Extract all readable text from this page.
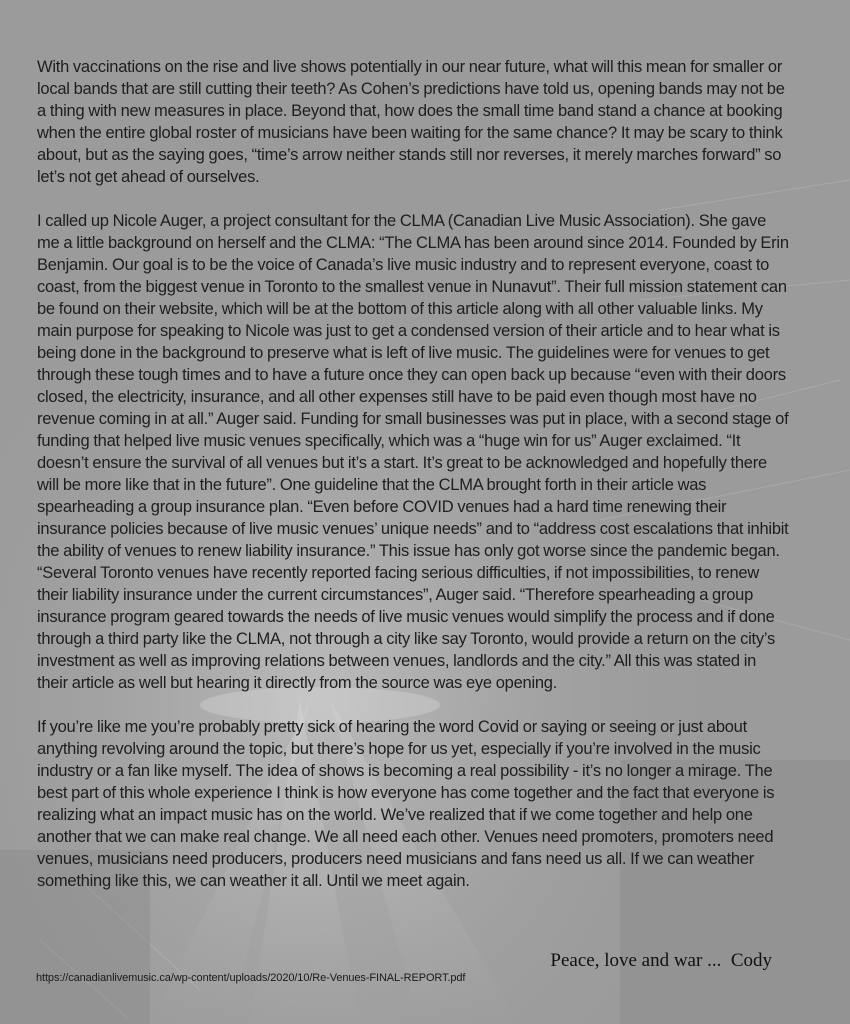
With vaccinations on the rise and live shows potentially in our near future, what will this mean for smaller or local bands that are still cutting their teeth? As Cohen’s predictions have told us, opening bands may not be a thing with new measures in place. Beyond that, how does the small time band stand a chance at booking when the entire global roster of musicians have been waiting for the same chance? It may be scary to think about, but as the saying goes, “time’s arrow neither stands still nor reverses, it merely marches forward” so let’s not get ahead of ourselves.

I called up Nicole Auger, a project consultant for the CLMA (Canadian Live Music Association). She gave me a little background on herself and the CLMA: “The CLMA has been around since 2014. Founded by Erin Benjamin. Our goal is to be the voice of Canada’s live music industry and to represent everyone, coast to coast, from the biggest venue in Toronto to the smallest venue in Nunavut”. Their full mission statement can be found on their website, which will be at the bottom of this article along with all other valuable links. My main purpose for speaking to Nicole was just to get a condensed version of their article and to hear what is being done in the background to preserve what is left of live music. The guidelines were for venues to get through these tough times and to have a future once they can open back up because “even with their doors closed, the electricity, insurance, and all other expenses still have to be paid even though most have no revenue coming in at all.” Auger said. Funding for small businesses was put in place, with a second stage of funding that helped live music venues specifically, which was a “huge win for us” Auger exclaimed. “It doesn’t ensure the survival of all venues but it’s a start. It’s great to be acknowledged and hopefully there will be more like that in the future”. One guideline that the CLMA brought forth in their article was spearheading a group insurance plan. “Even before COVID venues had a hard time renewing their insurance policies because of live music venues’ unique needs” and to “address cost escalations that inhibit the ability of venues to renew liability insurance.” This issue has only got worse since the pandemic began. “Several Toronto venues have recently reported facing serious difficulties, if not impossibilities, to renew their liability insurance under the current circumstances”, Auger said. “Therefore spearheading a group insurance program geared towards the needs of live music venues would simplify the process and if done through a third party like the CLMA, not through a city like say Toronto, would provide a return on the city’s investment as well as improving relations between venues, landlords and the city.” All this was stated in their article as well but hearing it directly from the source was eye opening.

If you’re like me you’re probably pretty sick of hearing the word Covid or saying or seeing or just about anything revolving around the topic, but there’s hope for us yet, especially if you’re involved in the music industry or a fan like myself. The idea of shows is becoming a real possibility - it’s no longer a mirage. The best part of this whole experience I think is how everyone has come together and the fact that everyone is realizing what an impact music has on the world. We’ve realized that if we come together and help one another that we can make real change. We all need each other. Venues need promoters, promoters need venues, musicians need producers, producers need musicians and fans need us all. If we can weather something like this, we can weather it all. Until we meet again.

Peace, love and war ...  Cody
https://canadianlivemusic.ca/wp-content/uploads/2020/10/Re-Venues-FINAL-REPORT.pdf
